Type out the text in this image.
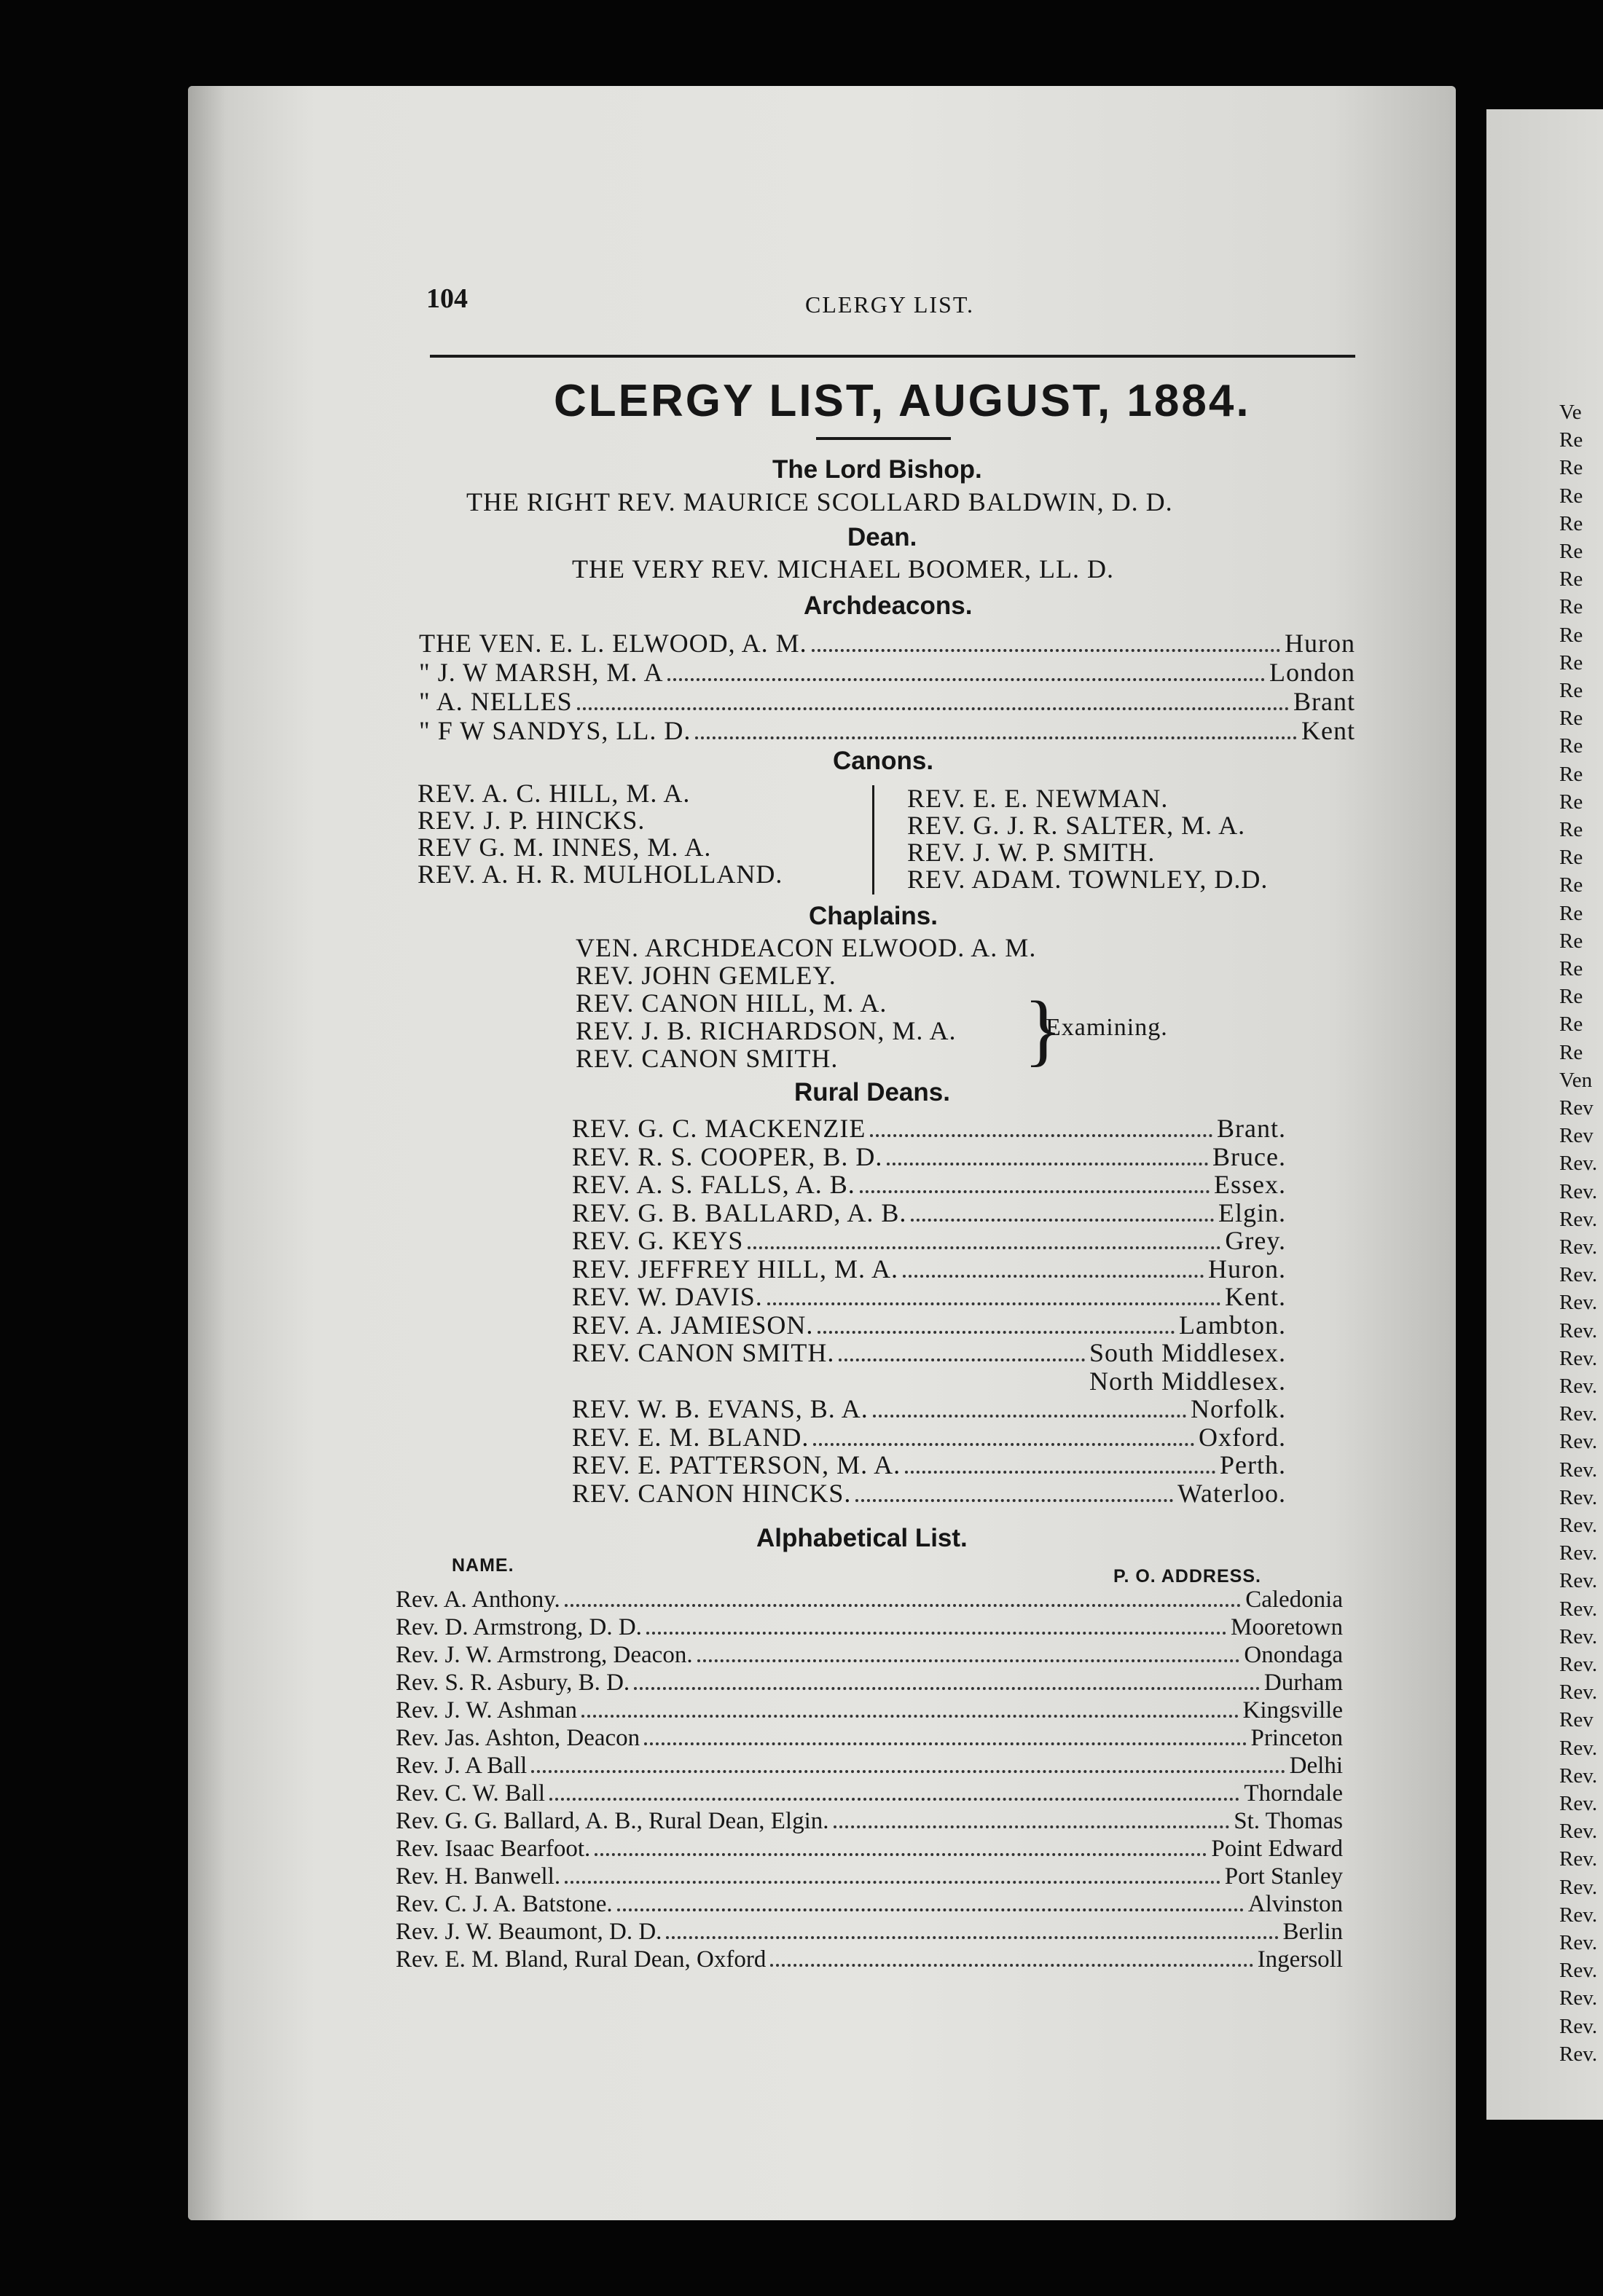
Ve
Re
Re
Re
Re
Re
Re
Re
Re
Re
Re
Re
Re
Re
Re
Re
Re
Re
Re
Re
Re
Re
Re
Re
Ven
Rev
Rev
Rev.
Rev.
Rev.
Rev.
Rev.
Rev.
Rev.
Rev.
Rev.
Rev.
Rev.
Rev.
Rev.
Rev.
Rev.
Rev.
Rev.
Rev.
Rev.
Rev.
Rev
Rev.
Rev.
Rev.
Rev.
Rev.
Rev.
Rev.
Rev.
Rev.
Rev.
Rev.
Rev.
104	CLERGY LIST.
CLERGY LIST, AUGUST, 1884.
The Lord Bishop.
THE RIGHT REV. MAURICE SCOLLARD BALDWIN, D. D.
Dean.
THE VERY REV. MICHAEL BOOMER, LL. D.
Archdeacons.
THE VEN. E. L. ELWOOD, A. M.	Huron
" J. W MARSH, M. A	London
" A. NELLES	Brant
" F W SANDYS, LL. D.	Kent
Canons.
REV. A. C. HILL, M. A.
REV. J. P. HINCKS.
REV G. M. INNES, M. A.
REV. A. H. R. MULHOLLAND.
REV. E. E. NEWMAN.
REV. G. J. R. SALTER, M. A.
REV. J. W. P. SMITH.
REV. ADAM. TOWNLEY, D.D.
Chaplains.
VEN. ARCHDEACON ELWOOD. A. M.
REV. JOHN GEMLEY.
REV. CANON HILL, M. A.
REV. J. B. RICHARDSON, M. A.
REV. CANON SMITH. }
Examining.
Rural Deans.
REV. G. C. MACKENZIE	Brant.
REV. R. S. COOPER, B. D.	Bruce.
REV. A. S. FALLS, A. B.	Essex.
REV. G. B. BALLARD, A. B.	Elgin.
REV. G. KEYS	Grey.
REV. JEFFREY HILL, M. A.	Huron.
REV. W. DAVIS.	Kent.
REV. A. JAMIESON.	Lambton.
REV. CANON SMITH.	South Middlesex.
North Middlesex.
REV. W. B. EVANS, B. A.	Norfolk.
REV. E. M. BLAND.	Oxford.
REV. E. PATTERSON, M. A.	Perth.
REV. CANON HINCKS.	Waterloo.
Alphabetical List.
NAME.
P. O. ADDRESS.
Rev. A. Anthony.	Caledonia
Rev. D. Armstrong, D. D.	Mooretown
Rev. J. W. Armstrong, Deacon.	Onondaga
Rev. S. R. Asbury, B. D.	Durham
Rev. J. W. Ashman	Kingsville
Rev. Jas. Ashton, Deacon	Princeton
Rev. J. A Ball	Delhi
Rev. C. W. Ball	Thorndale
Rev. G. G. Ballard, A. B., Rural Dean, Elgin.	St. Thomas
Rev. Isaac Bearfoot.	Point Edward
Rev. H. Banwell.	Port Stanley
Rev. C. J. A. Batstone.	Alvinston
Rev. J. W. Beaumont, D. D.	Berlin
Rev. E. M. Bland, Rural Dean, Oxford	Ingersoll
